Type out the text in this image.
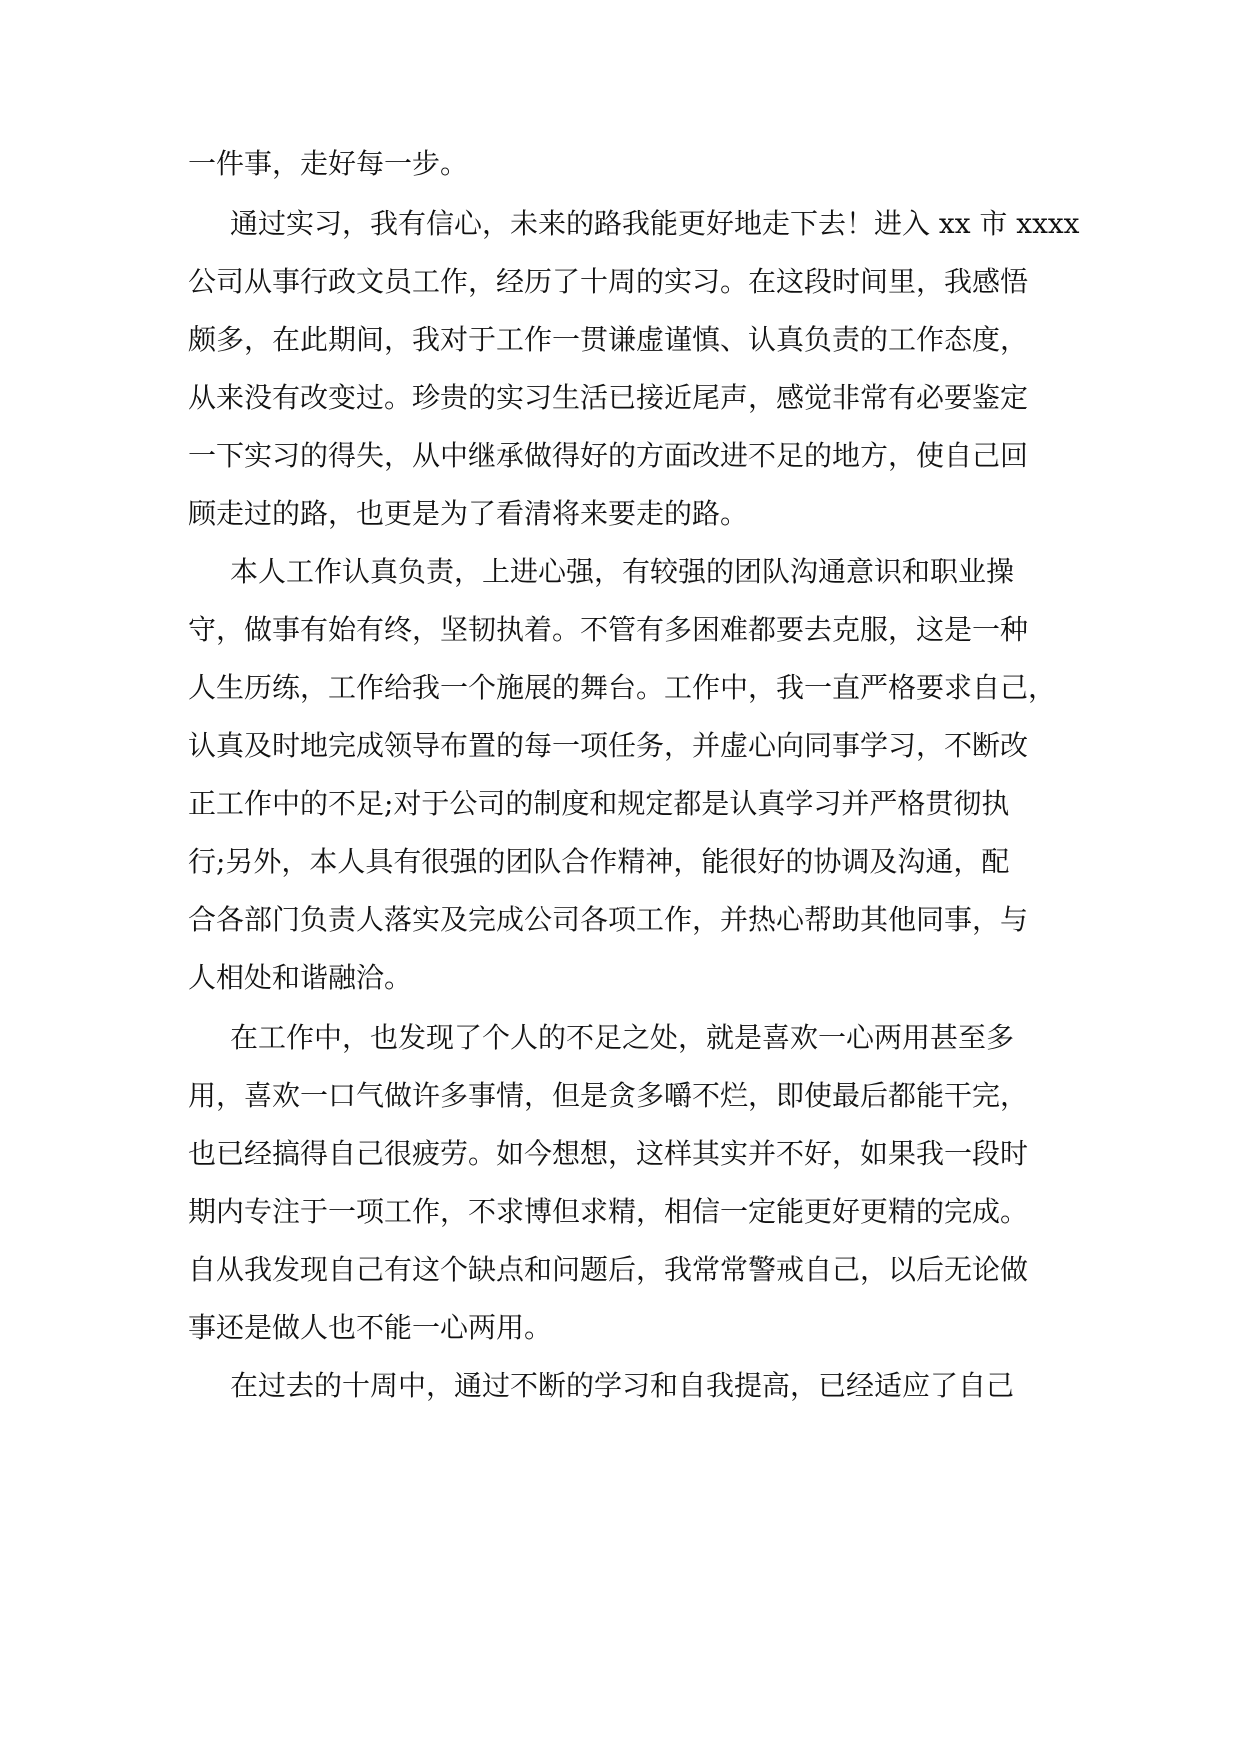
一件事，走好每一步。

通过实习，我有信心，未来的路我能更好地走下去！进入 xx 市 xxxx

公司从事行政文员工作，经历了十周的实习。在这段时间里，我感悟

颇多，在此期间，我对于工作一贯谦虚谨慎、认真负责的工作态度，

从来没有改变过。珍贵的实习生活已接近尾声，感觉非常有必要鉴定

一下实习的得失，从中继承做得好的方面改进不足的地方，使自己回

顾走过的路，也更是为了看清将来要走的路。

本人工作认真负责，上进心强，有较强的团队沟通意识和职业操

守，做事有始有终，坚韧执着。不管有多困难都要去克服，这是一种

人生历练，工作给我一个施展的舞台。工作中，我一直严格要求自己，

认真及时地完成领导布置的每一项任务，并虚心向同事学习，不断改

正工作中的不足;对于公司的制度和规定都是认真学习并严格贯彻执

行;另外，本人具有很强的团队合作精神，能很好的协调及沟通，配

合各部门负责人落实及完成公司各项工作，并热心帮助其他同事，与

人相处和谐融洽。

在工作中，也发现了个人的不足之处，就是喜欢一心两用甚至多

用，喜欢一口气做许多事情，但是贪多嚼不烂，即使最后都能干完，

也已经搞得自己很疲劳。如今想想，这样其实并不好，如果我一段时

期内专注于一项工作，不求博但求精，相信一定能更好更精的完成。

自从我发现自己有这个缺点和问题后，我常常警戒自己，以后无论做

事还是做人也不能一心两用。

在过去的十周中，通过不断的学习和自我提高，已经适应了自己
